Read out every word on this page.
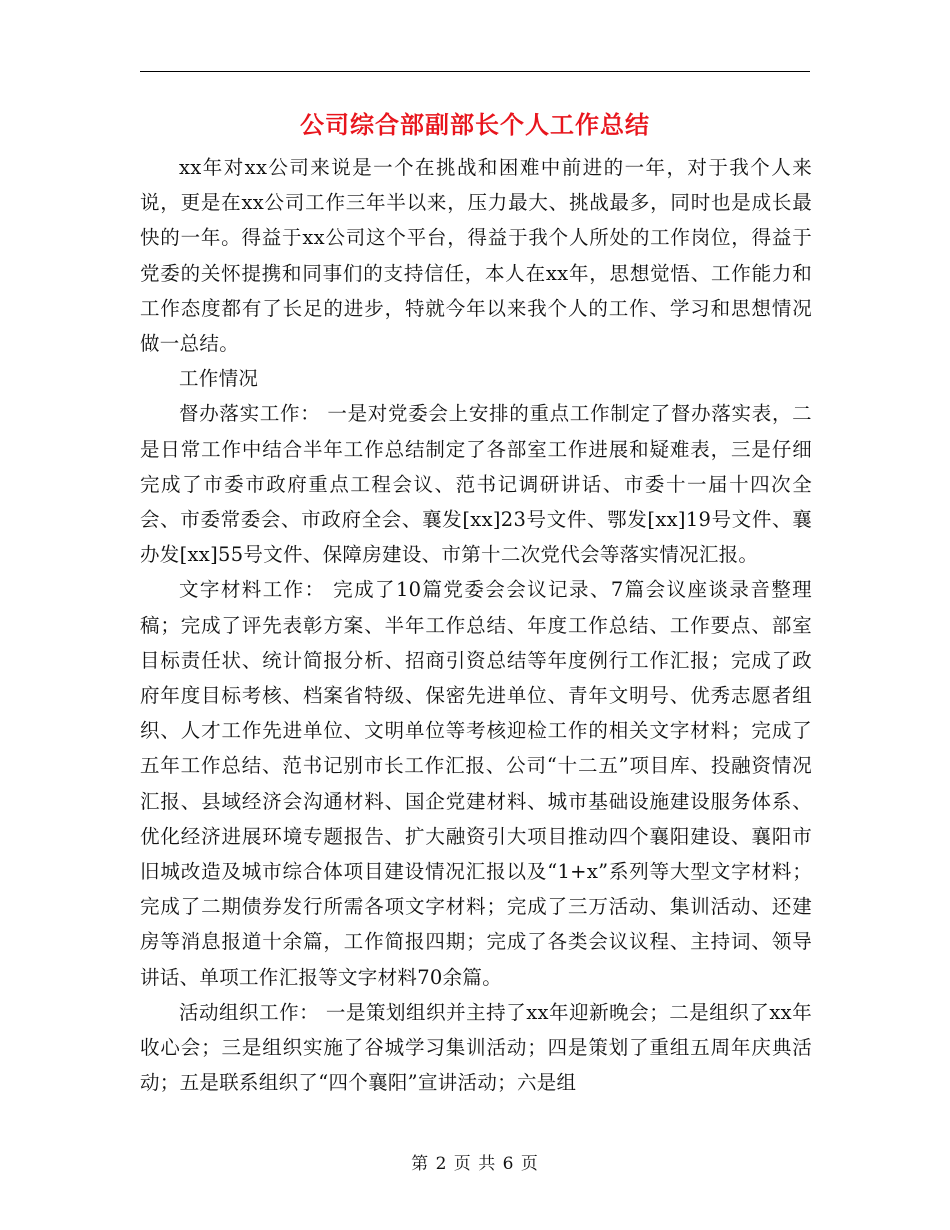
公司综合部副部长个人工作总结

xx年对xx公司来说是一个在挑战和困难中前进的一年，对于我个人来说，更是在xx公司工作三年半以来，压力最大、挑战最多，同时也是成长最快的一年。得益于xx公司这个平台，得益于我个人所处的工作岗位，得益于党委的关怀提携和同事们的支持信任，本人在xx年，思想觉悟、工作能力和工作态度都有了长足的进步，特就今年以来我个人的工作、学习和思想情况做一总结。

工作情况

督办落实工作： 一是对党委会上安排的重点工作制定了督办落实表，二是日常工作中结合半年工作总结制定了各部室工作进展和疑难表，三是仔细完成了市委市政府重点工程会议、范书记调研讲话、市委十一届十四次全会、市委常委会、市政府全会、襄发[xx]23号文件、鄂发[xx]19号文件、襄办发[xx]55号文件、保障房建设、市第十二次党代会等落实情况汇报。

文字材料工作： 完成了10篇党委会会议记录、7篇会议座谈录音整理稿；完成了评先表彰方案、半年工作总结、年度工作总结、工作要点、部室目标责任状、统计简报分析、招商引资总结等年度例行工作汇报；完成了政府年度目标考核、档案省特级、保密先进单位、青年文明号、优秀志愿者组织、人才工作先进单位、文明单位等考核迎检工作的相关文字材料；完成了五年工作总结、范书记别市长工作汇报、公司“十二五”项目库、投融资情况汇报、县域经济会沟通材料、国企党建材料、城市基础设施建设服务体系、优化经济进展环境专题报告、扩大融资引大项目推动四个襄阳建设、襄阳市旧城改造及城市综合体项目建设情况汇报以及“1+x”系列等大型文字材料；完成了二期债券发行所需各项文字材料；完成了三万活动、集训活动、还建房等消息报道十余篇，工作简报四期；完成了各类会议议程、主持词、领导讲话、单项工作汇报等文字材料70余篇。

活动组织工作： 一是策划组织并主持了xx年迎新晚会；二是组织了xx年收心会；三是组织实施了谷城学习集训活动；四是策划了重组五周年庆典活动；五是联系组织了“四个襄阳”宣讲活动；六是组

第 2 页 共 6 页
